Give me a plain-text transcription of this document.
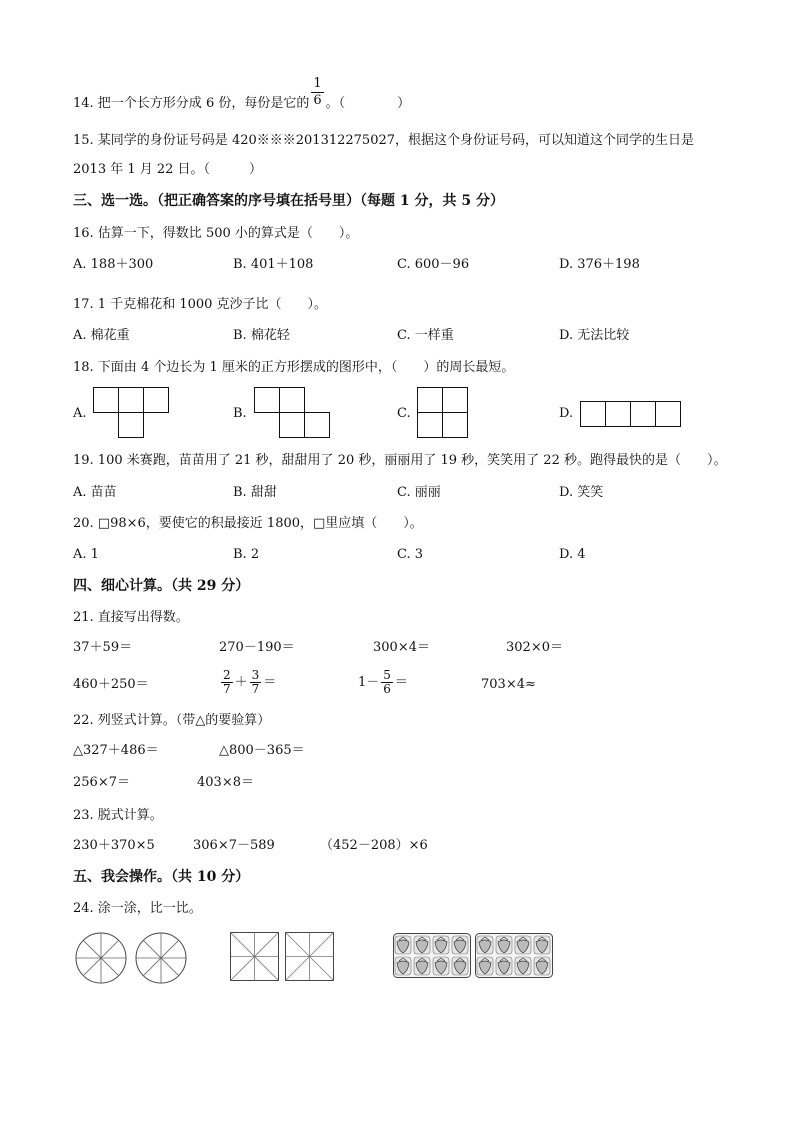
14. 把一个长方形分成 6 份，每份是它的 $\frac{1}{6}$ 。（　　　　）
15. 某同学的身份证号码是 420※※※201312275027，根据这个身份证号码，可以知道这个同学的生日是
2013 年 1 月 22 日。（　　　）
三、选一选。（把正确答案的序号填在括号里）（每题 1 分，共 5 分）
16. 估算一下，得数比 500 小的算式是（　　）。
A. 188＋300	B. 401＋108	C. 600－96	D. 376＋198
17. 1 千克棉花和 1000 克沙子比（　　）。
A. 棉花重	B. 棉花轻	C. 一样重	D. 无法比较
18. 下面由 4 个边长为 1 厘米的正方形摆成的图形中，（　　）的周长最短。
A.	B.	C.	D.
19. 100 米赛跑，苗苗用了 21 秒，甜甜用了 20 秒，丽丽用了 19 秒，笑笑用了 22 秒。跑得最快的是（　　）。
A. 苗苗	B. 甜甜	C. 丽丽	D. 笑笑
20. □98×6，要使它的积最接近 1800，□里应填（　　）。
A. 1	B. 2	C. 3	D. 4
四、细心计算。（共 29 分）
21. 直接写出得数。
37＋59＝	270－190＝	300×4＝	302×0＝
460＋250＝	$\frac{2}{7} + \frac{3}{7}$ ＝	$1- \frac{5}{6}$ ＝	703×4≈
22. 列竖式计算。（带△的要验算）
△327＋486＝	△800－365＝
256×7＝	403×8＝
23. 脱式计算。
230＋370×5	306×7－589	（452－208）×6
五、我会操作。（共 10 分）
24. 涂一涂，比一比。
